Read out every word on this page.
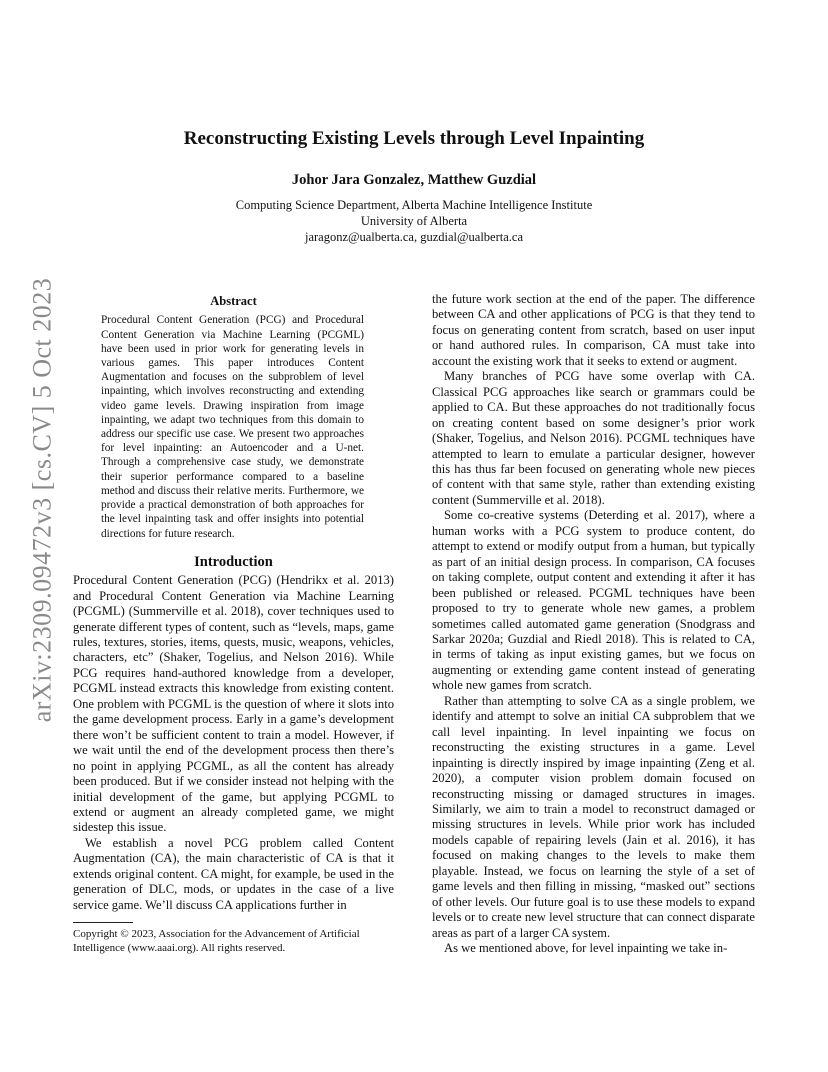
arXiv:2309.09472v3 [cs.CV] 5 Oct 2023
Reconstructing Existing Levels through Level Inpainting
Johor Jara Gonzalez, Matthew Guzdial
Computing Science Department, Alberta Machine Intelligence Institute
University of Alberta
jaragonz@ualberta.ca, guzdial@ualberta.ca
Abstract

Procedural Content Generation (PCG) and Procedural Content Generation via Machine Learning (PCGML) have been used in prior work for generating levels in various games. This paper introduces Content Augmentation and focuses on the subproblem of level inpainting, which involves reconstructing and extending video game levels. Drawing inspiration from image inpainting, we adapt two techniques from this domain to address our specific use case. We present two approaches for level inpainting: an Autoencoder and a U-net. Through a comprehensive case study, we demonstrate their superior performance compared to a baseline method and discuss their relative merits. Furthermore, we provide a practical demonstration of both approaches for the level inpainting task and offer insights into potential directions for future research.

Introduction

Procedural Content Generation (PCG) (Hendrikx et al. 2013) and Procedural Content Generation via Machine Learning (PCGML) (Summerville et al. 2018), cover techniques used to generate different types of content, such as “levels, maps, game rules, textures, stories, items, quests, music, weapons, vehicles, characters, etc” (Shaker, Togelius, and Nelson 2016). While PCG requires hand-authored knowledge from a developer, PCGML instead extracts this knowledge from existing content. One problem with PCGML is the question of where it slots into the game development process. Early in a game’s development there won’t be sufficient content to train a model. However, if we wait until the end of the development process then there’s no point in applying PCGML, as all the content has already been produced. But if we consider instead not helping with the initial development of the game, but applying PCGML to extend or augment an already completed game, we might sidestep this issue.

We establish a novel PCG problem called Content Augmentation (CA), the main characteristic of CA is that it extends original content. CA might, for example, be used in the generation of DLC, mods, or updates in the case of a live service game. We’ll discuss CA applications further in

Copyright © 2023, Association for the Advancement of Artificial Intelligence (www.aaai.org). All rights reserved.

the future work section at the end of the paper. The difference between CA and other applications of PCG is that they tend to focus on generating content from scratch, based on user input or hand authored rules. In comparison, CA must take into account the existing work that it seeks to extend or augment.

Many branches of PCG have some overlap with CA. Classical PCG approaches like search or grammars could be applied to CA. But these approaches do not traditionally focus on creating content based on some designer’s prior work (Shaker, Togelius, and Nelson 2016). PCGML techniques have attempted to learn to emulate a particular designer, however this has thus far been focused on generating whole new pieces of content with that same style, rather than extending existing content (Summerville et al. 2018).

Some co-creative systems (Deterding et al. 2017), where a human works with a PCG system to produce content, do attempt to extend or modify output from a human, but typically as part of an initial design process. In comparison, CA focuses on taking complete, output content and extending it after it has been published or released. PCGML techniques have been proposed to try to generate whole new games, a problem sometimes called automated game generation (Snodgrass and Sarkar 2020a; Guzdial and Riedl 2018). This is related to CA, in terms of taking as input existing games, but we focus on augmenting or extending game content instead of generating whole new games from scratch.

Rather than attempting to solve CA as a single problem, we identify and attempt to solve an initial CA subproblem that we call level inpainting. In level inpainting we focus on reconstructing the existing structures in a game. Level inpainting is directly inspired by image inpainting (Zeng et al. 2020), a computer vision problem domain focused on reconstructing missing or damaged structures in images. Similarly, we aim to train a model to reconstruct damaged or missing structures in levels. While prior work has included models capable of repairing levels (Jain et al. 2016), it has focused on making changes to the levels to make them playable. Instead, we focus on learning the style of a set of game levels and then filling in missing, “masked out” sections of other levels. Our future goal is to use these models to expand levels or to create new level structure that can connect disparate areas as part of a larger CA system.

As we mentioned above, for level inpainting we take in-
